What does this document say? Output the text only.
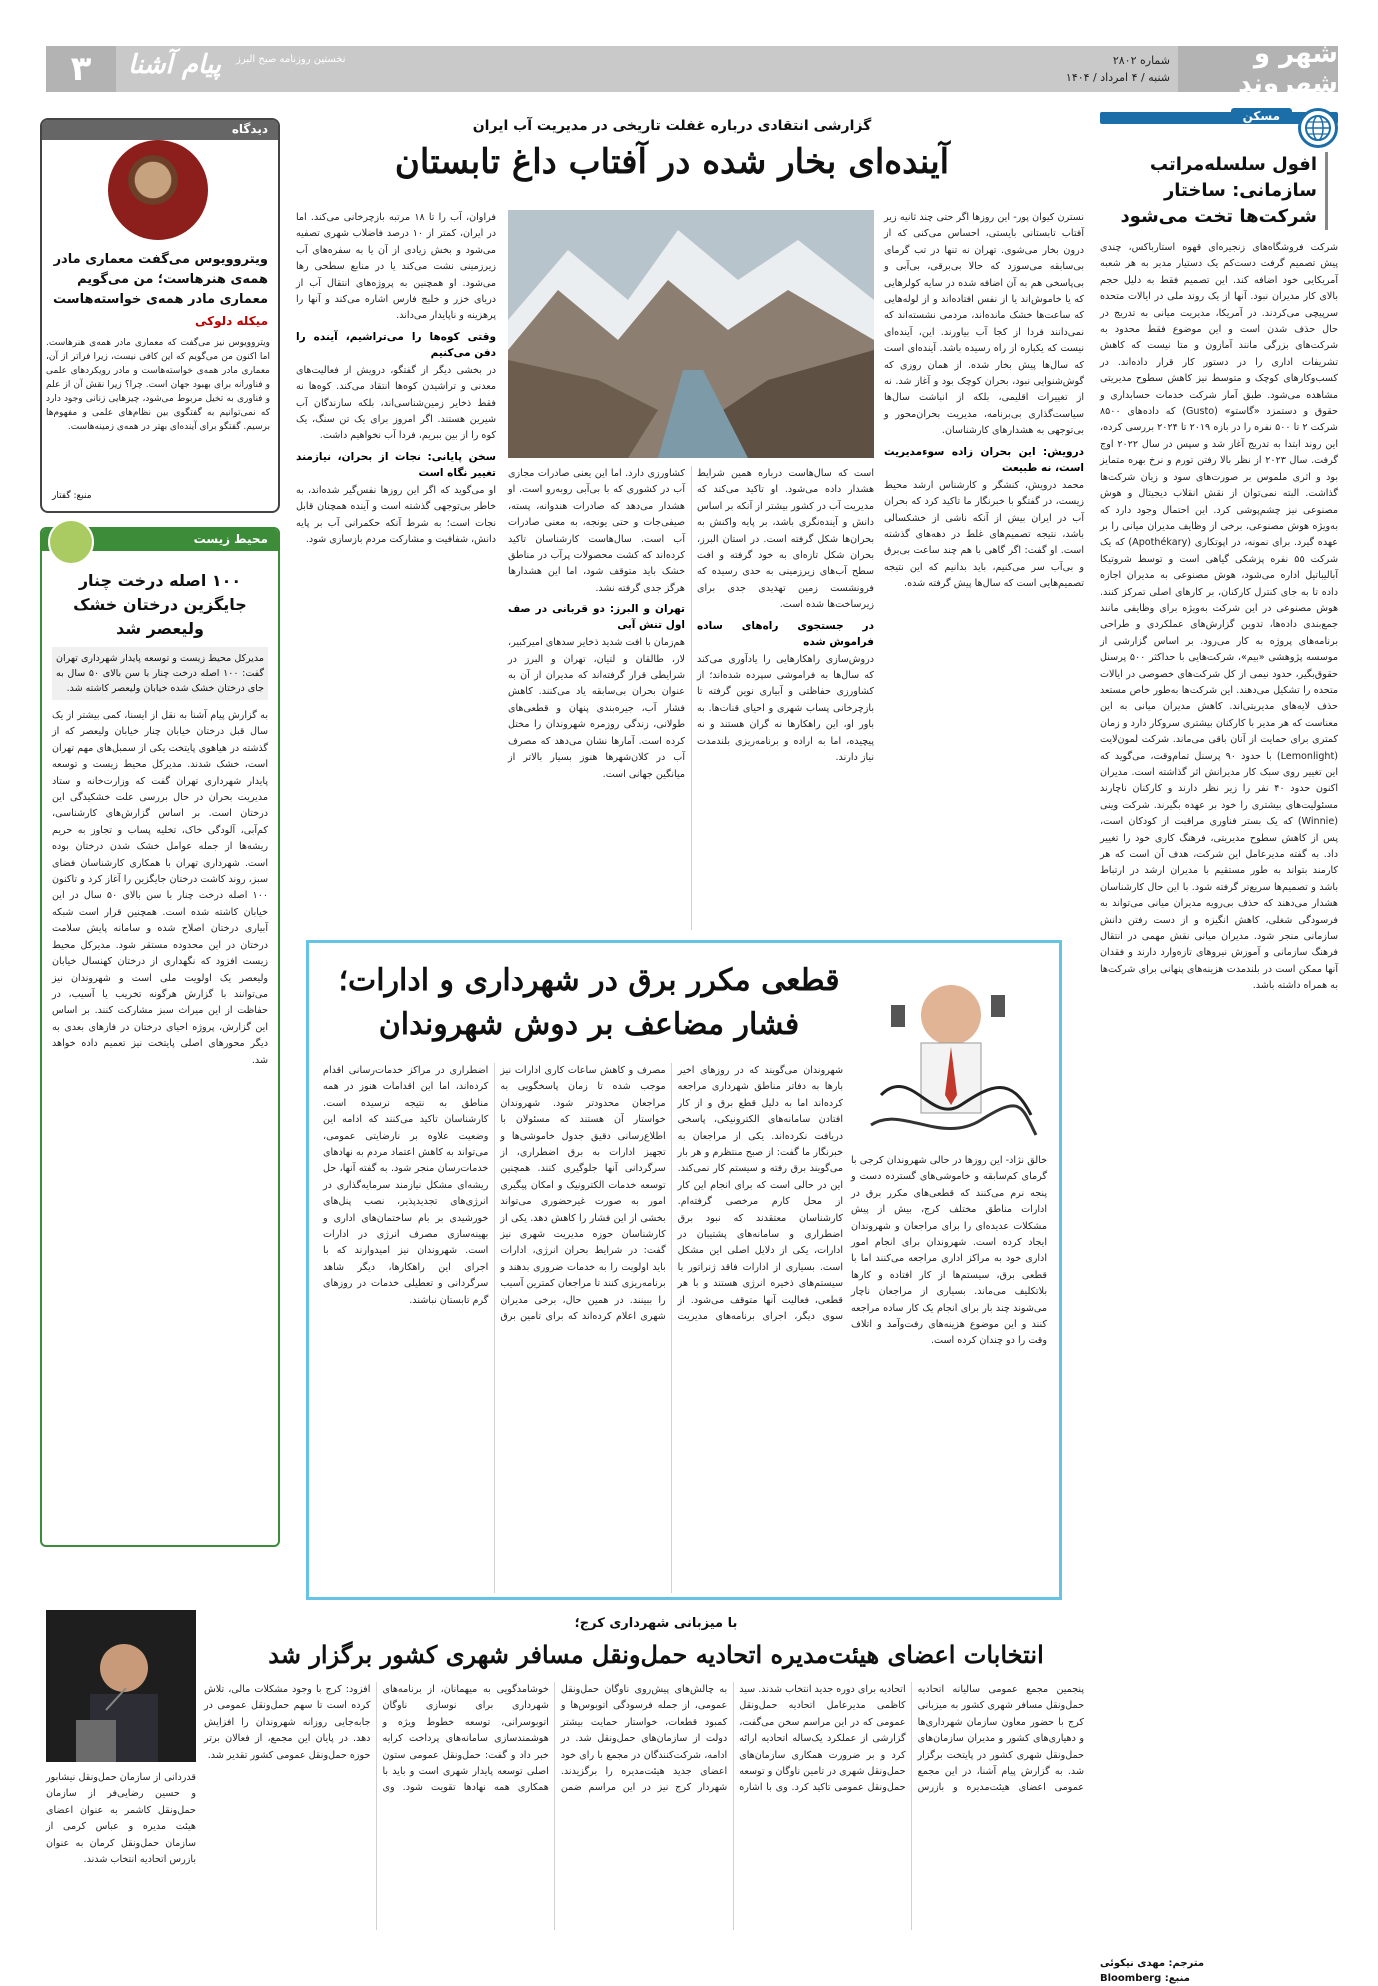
شهر و شهروند
شماره ۲۸۰۲
شنبه / ۴ امرداد / ۱۴۰۴
۳	پیام آشنا نخستین روزنامه صبح البرز
مسکن
افول سلسله‌مراتب سازمانی: ساختار شرکت‌ها تخت می‌شود
شرکت فروشگاه‌های زنجیره‌ای قهوه استارباکس، چندی پیش تصمیم گرفت دست‌کم یک دستیار مدیر به هر شعبه آمریکایی خود اضافه کند. این تصمیم فقط به دلیل حجم بالای کار مدیران نبود. آنها از یک روند ملی در ایالات متحده سرپیچی می‌کردند. در آمریکا، مدیریت میانی به تدریج در حال حذف شدن است و این موضوع فقط محدود به شرکت‌های بزرگی مانند آمازون و متا نیست که کاهش تشریفات اداری را در دستور کار قرار داده‌اند. در کسب‌وکارهای کوچک و متوسط نیز کاهش سطوح مدیریتی مشاهده می‌شود. طبق آمار شرکت خدمات حسابداری و حقوق و دستمزد «گاستو» (Gusto) که داده‌های ۸۵۰۰ شرکت ۲ تا ۵۰۰ نفره را در بازه ۲۰۱۹ تا ۲۰۲۴ بررسی کرده، این روند ابتدا به تدریج آغاز شد و سپس در سال ۲۰۲۲ اوج گرفت. سال ۲۰۲۳ از نظر بالا رفتن تورم و نرخ بهره متمایز بود و اثری ملموس بر صورت‌های سود و زیان شرکت‌ها گذاشت. البته نمی‌توان از نقش انقلاب دیجیتال و هوش مصنوعی نیز چشم‌پوشی کرد. این احتمال وجود دارد که به‌ویژه هوش مصنوعی، برخی از وظایف مدیران میانی را بر عهده گیرد. برای نمونه، در اپوتکاری (Apothékary) که یک شرکت ۵۵ نفره پزشکی گیاهی است و توسط شروتیکا آبالیباتیل اداره می‌شود، هوش مصنوعی به مدیران اجازه داده تا به جای کنترل کارکنان، بر کارهای اصلی تمرکز کنند. هوش مصنوعی در این شرکت به‌ویژه برای وظایفی مانند جمع‌بندی داده‌ها، تدوین گزارش‌های عملکردی و طراحی برنامه‌های پروژه به کار می‌رود. بر اساس گزارشی از موسسه پژوهشی «بیم»، شرکت‌هایی با حداکثر ۵۰۰ پرسنل حقوق‌بگیر، حدود نیمی از کل شرکت‌های خصوصی در ایالات متحده را تشکیل می‌دهند. این شرکت‌ها به‌طور خاص مستعد حذف لایه‌های مدیریتی‌اند. کاهش مدیران میانی به این معناست که هر مدیر با کارکنان بیشتری سروکار دارد و زمان کمتری برای حمایت از آنان باقی می‌ماند. شرکت لمون‌لایت (Lemonlight) با حدود ۹۰ پرسنل تمام‌وقت، می‌گوید که این تغییر روی سبک کار مدیرانش اثر گذاشته است. مدیران اکنون حدود ۴۰ نفر را زیر نظر دارند و کارکنان ناچارند مسئولیت‌های بیشتری را خود بر عهده بگیرند. شرکت وینی (Winnie) که یک بستر فناوری مراقبت از کودکان است، پس از کاهش سطوح مدیریتی، فرهنگ کاری خود را تغییر داد. به گفته مدیرعامل این شرکت، هدف آن است که هر کارمند بتواند به طور مستقیم با مدیران ارشد در ارتباط باشد و تصمیم‌ها سریع‌تر گرفته شود. با این حال کارشناسان هشدار می‌دهند که حذف بی‌رویه مدیران میانی می‌تواند به فرسودگی شغلی، کاهش انگیزه و از دست رفتن دانش سازمانی منجر شود. مدیران میانی نقش مهمی در انتقال فرهنگ سازمانی و آموزش نیروهای تازه‌وارد دارند و فقدان آنها ممکن است در بلندمدت هزینه‌های پنهانی برای شرکت‌ها به همراه داشته باشد.
مترجم: مهدی نیکوئی
منبع: Bloomberg
دیدگاه
ویتروویوس می‌گفت معماری مادر همه‌ی هنرهاست؛ من می‌گویم معماری مادر همه‌ی خواسته‌هاست
میکله دلوکی
ویتروویوس نیز می‌گفت که معماری مادر همه‌ی هنرهاست. اما اکنون من می‌گویم که این کافی نیست، زیرا فراتر از آن، معماری مادر همه‌ی خواسته‌هاست و مادر رویکردهای علمی و فناورانه برای بهبود جهان است. چرا؟ زیرا نقش آن از علم و فناوری به تخیل مربوط می‌شود، چیزهایی زنانی وجود دارد که نمی‌توانیم به گفتگوی بین نظام‌های علمی و مفهوم‌ها برسیم. گفتگو برای آینده‌ای بهتر در همه‌ی زمینه‌هاست.
منبع: گفتار
محیط زیست
۱۰۰ اصله درخت چنار جایگزین درختان خشک ولیعصر شد
مدیرکل محیط زیست و توسعه پایدار شهرداری تهران گفت: ۱۰۰ اصله درخت چنار با سن بالای ۵۰ سال به جای درختان خشک شده خیابان ولیعصر کاشته شد.
به گزارش پیام آشنا به نقل از ایسنا، کمی بیشتر از یک سال قبل درختان خیابان چنار خیابان ولیعصر که از گذشته در هیاهوی پایتخت یکی از سمبل‌های مهم تهران است، خشک شدند. مدیرکل محیط زیست و توسعه پایدار شهرداری تهران گفت که وزارت‌خانه و ستاد مدیریت بحران در حال بررسی علت خشکیدگی این درختان است. بر اساس گزارش‌های کارشناسی، کم‌آبی، آلودگی خاک، تخلیه پساب و تجاوز به حریم ریشه‌ها از جمله عوامل خشک شدن درختان بوده است. شهرداری تهران با همکاری کارشناسان فضای سبز، روند کاشت درختان جایگزین را آغاز کرد و تاکنون ۱۰۰ اصله درخت چنار با سن بالای ۵۰ سال در این خیابان کاشته شده است. همچنین قرار است شبکه آبیاری درختان اصلاح شده و سامانه پایش سلامت درختان در این محدوده مستقر شود. مدیرکل محیط زیست افزود که نگهداری از درختان کهنسال خیابان ولیعصر یک اولویت ملی است و شهروندان نیز می‌توانند با گزارش هرگونه تخریب یا آسیب، در حفاظت از این میراث سبز مشارکت کنند. بر اساس این گزارش، پروژه احیای درختان در فازهای بعدی به دیگر محورهای اصلی پایتخت نیز تعمیم داده خواهد شد.
گزارشی انتقادی درباره غفلت تاریخی در مدیریت آب ایران
آینده‌ای بخار شده در آفتاب داغ تابستان

نسترن کیوان پور- این روزها اگر حتی چند ثانیه زیر آفتاب تابستانی بایستی، احساس می‌کنی که از درون بخار می‌شوی. تهران نه تنها در تب گرمای بی‌سابقه می‌سوزد که حالا بی‌برقی، بی‌آبی و بی‌پاسخی هم به آن اضافه شده در سایه کولرهایی که یا خاموش‌اند یا از نفس افتاده‌اند و از لوله‌هایی که ساعت‌ها خشک مانده‌اند، مردمی نشسته‌اند که نمی‌دانند فردا از کجا آب بیاورند. این، آینده‌ای نیست که یکباره از راه رسیده باشد. آینده‌ای است که سال‌ها پیش بخار شده. از همان روزی که گوش‌شنوایی نبود، بحران کوچک بود و آغاز شد. نه از تغییرات اقلیمی، بلکه از انباشت سال‌ها سیاست‌گذاری بی‌برنامه، مدیریت بحران‌محور و بی‌توجهی به هشدارهای کارشناسان.

درویش: این بحران زاده سوءمدیریت است، نه طبیعت

محمد درویش، کنشگر و کارشناس ارشد محیط زیست، در گفتگو با خبرنگار ما تاکید کرد که بحران آب در ایران بیش از آنکه ناشی از خشکسالی باشد، نتیجه تصمیم‌های غلط در دهه‌های گذشته است. او گفت: اگر گاهی با هم چند ساعت بی‌برق و بی‌آب سر می‌کنیم، باید بدانیم که این نتیجه تصمیم‌هایی است که سال‌ها پیش گرفته شده.

است که سال‌هاست درباره همین شرایط هشدار داده می‌شود. او تاکید می‌کند که مدیریت آب در کشور بیشتر از آنکه بر اساس دانش و آینده‌نگری باشد، بر پایه واکنش به بحران‌ها شکل گرفته است. در استان البرز، بحران شکل تازه‌ای به خود گرفته و افت سطح آب‌های زیرزمینی به حدی رسیده که فرونشست زمین تهدیدی جدی برای زیرساخت‌ها شده است.

در جستجوی راه‌های ساده فراموش شده

دروش‌سازی راهکارهایی را یادآوری می‌کند که سال‌ها به فراموشی سپرده شده‌اند؛ از کشاورزی حفاظتی و آبیاری نوین گرفته تا بازچرخانی پساب شهری و احیای قنات‌ها. به باور او، این راهکارها نه گران هستند و نه پیچیده، اما به اراده و برنامه‌ریزی بلندمدت نیاز دارند.

کشاورزی دارد. اما این یعنی صادرات مجازی آب در کشوری که با بی‌آبی روبه‌رو است. او هشدار می‌دهد که صادرات هندوانه، پسته، صیفی‌جات و حتی یونجه، به معنی صادرات آب است. سال‌هاست کارشناسان تاکید کرده‌اند که کشت محصولات پرآب در مناطق خشک باید متوقف شود، اما این هشدارها هرگز جدی گرفته نشد.

تهران و البرز: دو قربانی در صف اول تنش آبی

هم‌زمان با افت شدید ذخایر سدهای امیرکبیر، لار، طالقان و لتیان، تهران و البرز در شرایطی قرار گرفته‌اند که مدیران از آن به عنوان بحران بی‌سابقه یاد می‌کنند. کاهش فشار آب، جیره‌بندی پنهان و قطعی‌های طولانی، زندگی روزمره شهروندان را مختل کرده است. آمارها نشان می‌دهد که مصرف آب در کلان‌شهرها هنوز بسیار بالاتر از میانگین جهانی است.

فراوان، آب را تا ۱۸ مرتبه بازچرخانی می‌کند. اما در ایران، کمتر از ۱۰ درصد فاضلاب شهری تصفیه می‌شود و بخش زیادی از آن یا به سفره‌های آب زیرزمینی نشت می‌کند یا در منابع سطحی رها می‌شود. او همچنین به پروژه‌های انتقال آب از دریای خزر و خلیج فارس اشاره می‌کند و آنها را پرهزینه و ناپایدار می‌داند.

وقتی کوه‌ها را می‌تراشیم، آینده را دفن می‌کنیم

در بخشی دیگر از گفتگو، درویش از فعالیت‌های معدنی و تراشیدن کوه‌ها انتقاد می‌کند. کوه‌ها نه فقط ذخایر زمین‌شناسی‌اند، بلکه سازندگان آب شیرین هستند. اگر امروز برای یک تن سنگ، یک کوه را از بین ببریم، فردا آب نخواهیم داشت.

سخن پایانی: نجات از بحران، نیازمند تغییر نگاه است

او می‌گوید که اگر این روزها نفس‌گیر شده‌اند، به خاطر بی‌توجهی گذشته است و آینده همچنان قابل نجات است؛ به شرط آنکه حکمرانی آب بر پایه دانش، شفافیت و مشارکت مردم بازسازی شود.

قطعی مکرر برق در شهرداری و ادارات؛ فشار مضاعف بر دوش شهروندان
خالق نژاد- این روزها در حالی شهروندان کرجی با گرمای کم‌سابقه و خاموشی‌های گسترده دست و پنجه نرم می‌کنند که قطعی‌های مکرر برق در ادارات مناطق مختلف کرج، بیش از پیش مشکلات عدیده‌ای را برای مراجعان و شهروندان ایجاد کرده است. شهروندان برای انجام امور اداری خود به مراکز اداری مراجعه می‌کنند اما با قطعی برق، سیستم‌ها از کار افتاده و کارها بلاتکلیف می‌ماند. بسیاری از مراجعان ناچار می‌شوند چند بار برای انجام یک کار ساده مراجعه کنند و این موضوع هزینه‌های رفت‌وآمد و اتلاف وقت را دو چندان کرده است.
شهروندان می‌گویند که در روزهای اخیر بارها به دفاتر مناطق شهرداری مراجعه کرده‌اند اما به دلیل قطع برق و از کار افتادن سامانه‌های الکترونیکی، پاسخی دریافت نکرده‌اند. یکی از مراجعان به خبرنگار ما گفت: از صبح منتظرم و هر بار می‌گویند برق رفته و سیستم کار نمی‌کند. این در حالی است که برای انجام این کار از محل کارم مرخصی گرفته‌ام. کارشناسان معتقدند که نبود برق اضطراری و سامانه‌های پشتیبان در ادارات، یکی از دلایل اصلی این مشکل است. بسیاری از ادارات فاقد ژنراتور یا سیستم‌های ذخیره انرژی هستند و با هر قطعی، فعالیت آنها متوقف می‌شود. از سوی دیگر، اجرای برنامه‌های مدیریت مصرف و کاهش ساعات کاری ادارات نیز موجب شده تا زمان پاسخگویی به مراجعان محدودتر شود. شهروندان خواستار آن هستند که مسئولان با اطلاع‌رسانی دقیق جدول خاموشی‌ها و تجهیز ادارات به برق اضطراری، از سرگردانی آنها جلوگیری کنند. همچنین توسعه خدمات الکترونیک و امکان پیگیری امور به صورت غیرحضوری می‌تواند بخشی از این فشار را کاهش دهد. یکی از کارشناسان حوزه مدیریت شهری نیز گفت: در شرایط بحران انرژی، ادارات باید اولویت را به خدمات ضروری بدهند و برنامه‌ریزی کنند تا مراجعان کمترین آسیب را ببینند. در همین حال، برخی مدیران شهری اعلام کرده‌اند که برای تامین برق اضطراری در مراکز خدمات‌رسانی اقدام کرده‌اند، اما این اقدامات هنوز در همه مناطق به نتیجه نرسیده است. کارشناسان تاکید می‌کنند که ادامه این وضعیت علاوه بر نارضایتی عمومی، می‌تواند به کاهش اعتماد مردم به نهادهای خدمات‌رسان منجر شود. به گفته آنها، حل ریشه‌ای مشکل نیازمند سرمایه‌گذاری در انرژی‌های تجدیدپذیر، نصب پنل‌های خورشیدی بر بام ساختمان‌های اداری و بهینه‌سازی مصرف انرژی در ادارات است. شهروندان نیز امیدوارند که با اجرای این راهکارها، دیگر شاهد سرگردانی و تعطیلی خدمات در روزهای گرم تابستان نباشند.
با میزبانی شهرداری کرج؛
انتخابات اعضای هیئت‌مدیره اتحادیه حمل‌ونقل مسافر شهری کشور برگزار شد
قدردانی از سازمان حمل‌ونقل نیشابور و حسین رضایی‌فر از سازمان حمل‌ونقل کاشمر به عنوان اعضای هیئت مدیره و عباس کرمی از سازمان حمل‌ونقل کرمان به عنوان بازرس اتحادیه انتخاب شدند.
پنجمین مجمع عمومی سالیانه اتحادیه حمل‌ونقل مسافر شهری کشور به میزبانی کرج با حضور معاون سازمان شهرداری‌ها و دهیاری‌های کشور و مدیران سازمان‌های حمل‌ونقل شهری کشور در پایتخت برگزار شد. به گزارش پیام آشنا، در این مجمع عمومی اعضای هیئت‌مدیره و بازرس اتحادیه برای دوره جدید انتخاب شدند. سید کاظمی مدیرعامل اتحادیه حمل‌ونقل عمومی که در این مراسم سخن می‌گفت، گزارشی از عملکرد یک‌ساله اتحادیه ارائه کرد و بر ضرورت همکاری سازمان‌های حمل‌ونقل شهری در تامین ناوگان و توسعه حمل‌ونقل عمومی تاکید کرد. وی با اشاره به چالش‌های پیش‌روی ناوگان حمل‌ونقل عمومی، از جمله فرسودگی اتوبوس‌ها و کمبود قطعات، خواستار حمایت بیشتر دولت از سازمان‌های حمل‌ونقل شد. در ادامه، شرکت‌کنندگان در مجمع با رای خود اعضای جدید هیئت‌مدیره را برگزیدند. شهردار کرج نیز در این مراسم ضمن خوشامدگویی به میهمانان، از برنامه‌های شهرداری برای نوسازی ناوگان اتوبوسرانی، توسعه خطوط ویژه و هوشمندسازی سامانه‌های پرداخت کرایه خبر داد و گفت: حمل‌ونقل عمومی ستون اصلی توسعه پایدار شهری است و باید با همکاری همه نهادها تقویت شود. وی افزود: کرج با وجود مشکلات مالی، تلاش کرده است تا سهم حمل‌ونقل عمومی در جابه‌جایی روزانه شهروندان را افزایش دهد. در پایان این مجمع، از فعالان برتر حوزه حمل‌ونقل عمومی کشور تقدیر شد.
